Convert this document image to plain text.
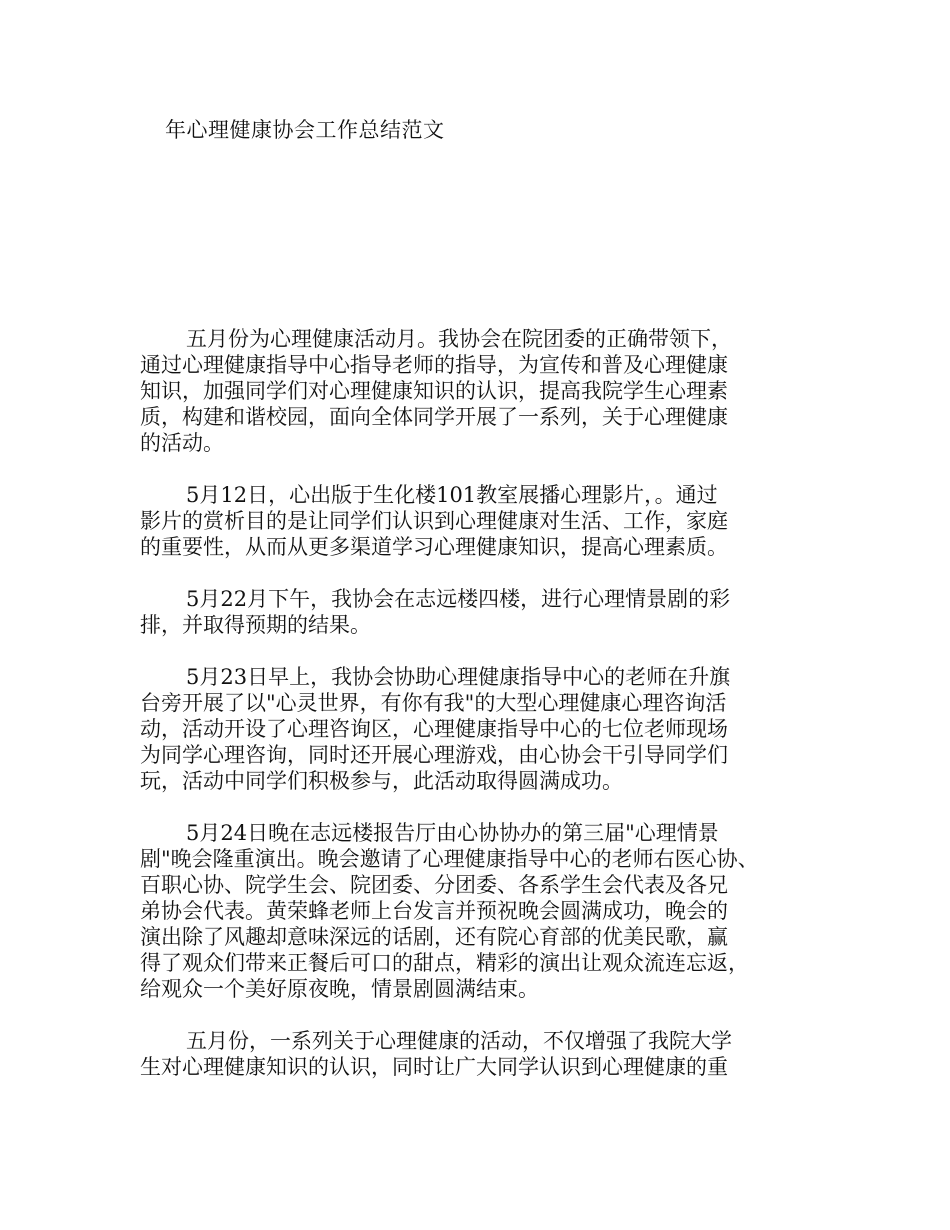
年心理健康协会工作总结范文

五月份为心理健康活动月。我协会在院团委的正确带领下，
通过心理健康指导中心指导老师的指导，为宣传和普及心理健康
知识，加强同学们对心理健康知识的认识，提高我院学生心理素
质，构建和谐校园，面向全体同学开展了一系列，关于心理健康
的活动。

5月12日，心出版于生化楼101教室展播心理影片，。通过
影片的赏析目的是让同学们认识到心理健康对生活、工作，家庭
的重要性，从而从更多渠道学习心理健康知识，提高心理素质。

5月22月下午，我协会在志远楼四楼，进行心理情景剧的彩
排，并取得预期的结果。

5月23日早上，我协会协助心理健康指导中心的老师在升旗
台旁开展了以"心灵世界，有你有我"的大型心理健康心理咨询活
动，活动开设了心理咨询区，心理健康指导中心的七位老师现场
为同学心理咨询，同时还开展心理游戏，由心协会干引导同学们
玩，活动中同学们积极参与，此活动取得圆满成功。

5月24日晚在志远楼报告厅由心协协办的第三届"心理情景
剧"晚会隆重演出。晚会邀请了心理健康指导中心的老师右医心协、
百职心协、院学生会、院团委、分团委、各系学生会代表及各兄
弟协会代表。黄荣蜂老师上台发言并预祝晚会圆满成功，晚会的
演出除了风趣却意味深远的话剧，还有院心育部的优美民歌，赢
得了观众们带来正餐后可口的甜点，精彩的演出让观众流连忘返，
给观众一个美好原夜晚，情景剧圆满结束。

五月份，一系列关于心理健康的活动，不仅增强了我院大学
生对心理健康知识的认识，同时让广大同学认识到心理健康的重
